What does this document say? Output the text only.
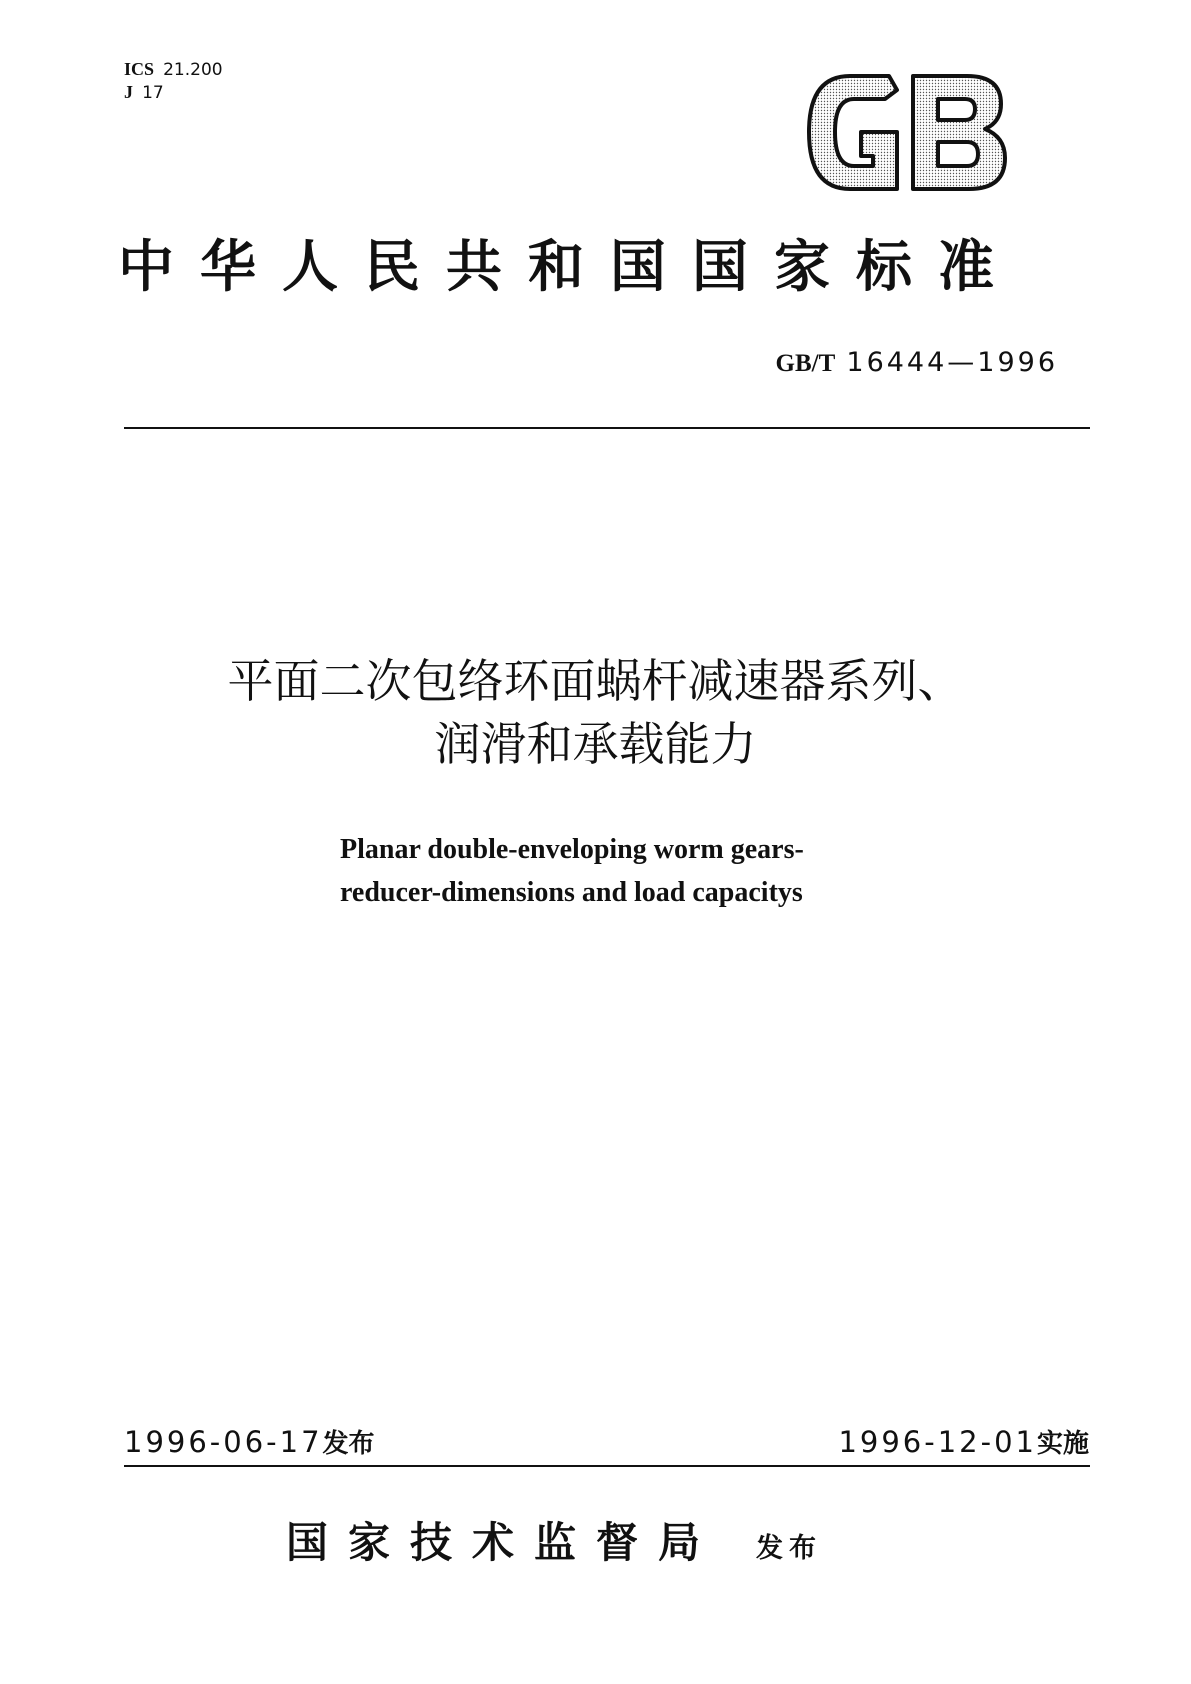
ICS 21.200
J 17
中华人民共和国国家标准
GB/T 16444—1996
平面二次包络环面蜗杆减速器系列、
润滑和承载能力
Planar double-enveloping worm gears-
reducer-dimensions and load capacitys
1996-06-17发布	1996-12-01实施
国家技术监督局 发布
